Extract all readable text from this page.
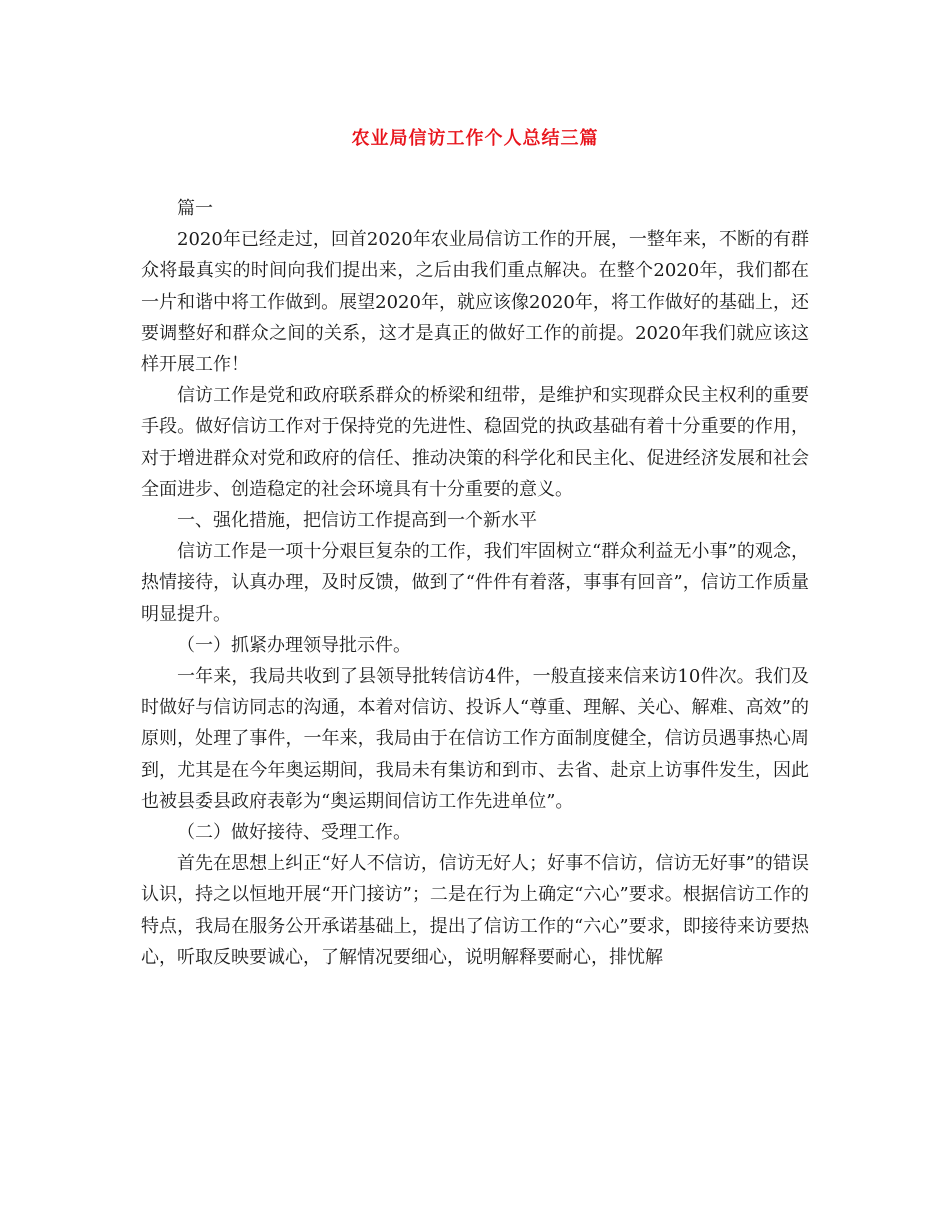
农业局信访工作个人总结三篇

篇一

2020年已经走过，回首2020年农业局信访工作的开展，一整年来，不断的有群众将最真实的时间向我们提出来，之后由我们重点解决。在整个2020年，我们都在一片和谐中将工作做到。展望2020年，就应该像2020年，将工作做好的基础上，还要调整好和群众之间的关系，这才是真正的做好工作的前提。2020年我们就应该这样开展工作！

信访工作是党和政府联系群众的桥梁和纽带，是维护和实现群众民主权利的重要手段。做好信访工作对于保持党的先进性、稳固党的执政基础有着十分重要的作用，对于增进群众对党和政府的信任、推动决策的科学化和民主化、促进经济发展和社会全面进步、创造稳定的社会环境具有十分重要的意义。

一、强化措施，把信访工作提高到一个新水平

信访工作是一项十分艰巨复杂的工作，我们牢固树立“群众利益无小事”的观念，热情接待，认真办理，及时反馈，做到了“件件有着落，事事有回音”，信访工作质量明显提升。

（一）抓紧办理领导批示件。

一年来，我局共收到了县领导批转信访4件，一般直接来信来访10件次。我们及时做好与信访同志的沟通，本着对信访、投诉人“尊重、理解、关心、解难、高效”的原则，处理了事件，一年来，我局由于在信访工作方面制度健全，信访员遇事热心周到，尤其是在今年奥运期间，我局未有集访和到市、去省、赴京上访事件发生，因此也被县委县政府表彰为“奥运期间信访工作先进单位”。

（二）做好接待、受理工作。

首先在思想上纠正“好人不信访，信访无好人；好事不信访，信访无好事”的错误认识，持之以恒地开展“开门接访”；二是在行为上确定“六心”要求。根据信访工作的特点，我局在服务公开承诺基础上，提出了信访工作的“六心”要求，即接待来访要热心，听取反映要诚心，了解情况要细心，说明解释要耐心，排忧解
